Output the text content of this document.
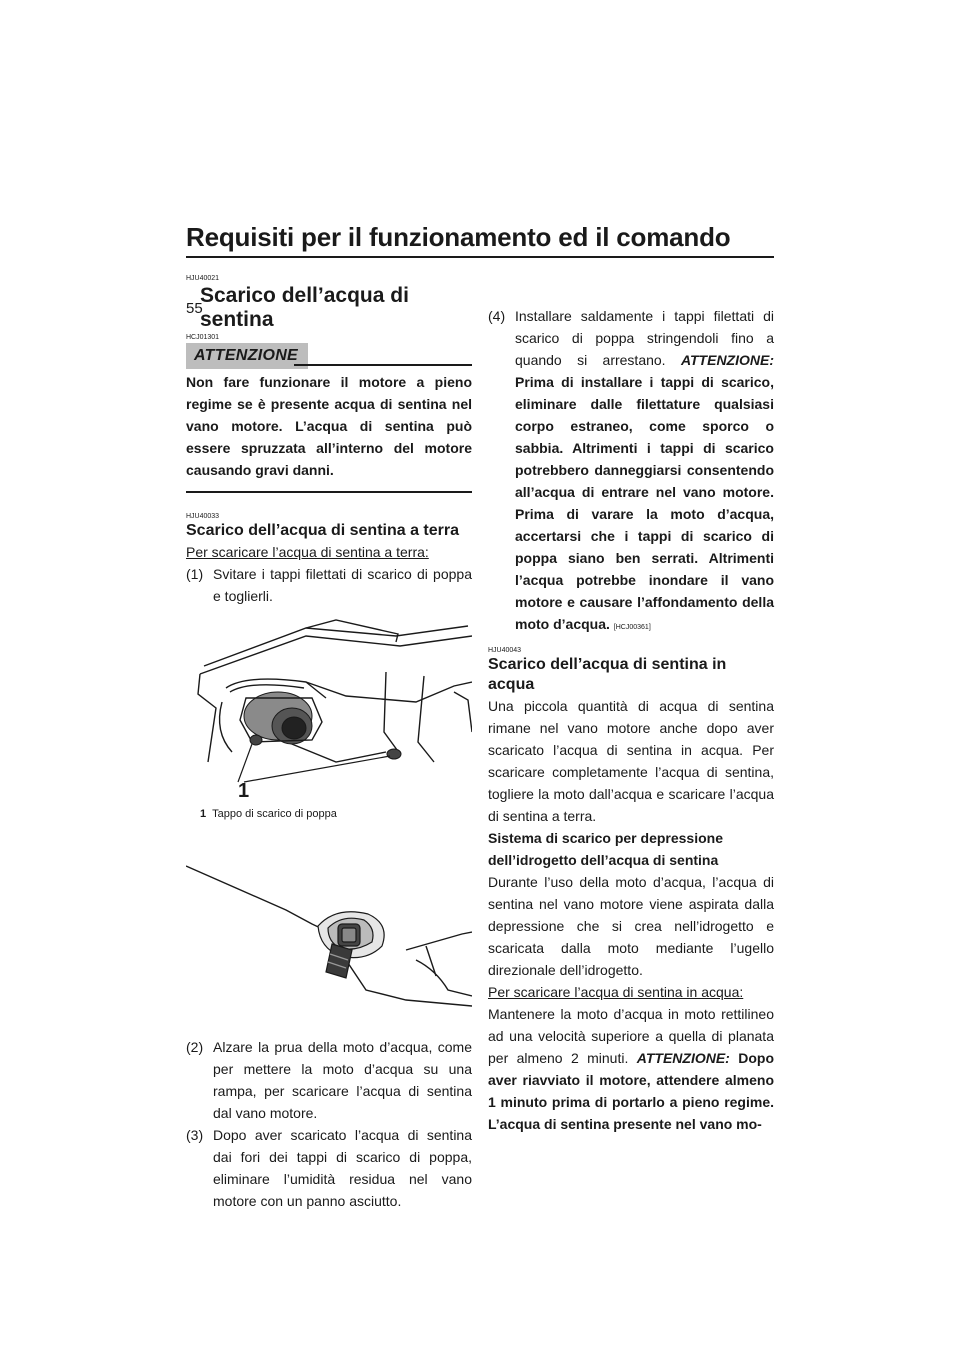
Requisiti per il funzionamento ed il comando
55
HJU40021
Scarico dell’acqua di sentina
HCJ01301
ATTENZIONE

Non fare funzionare il motore a pieno regime se è presente acqua di sentina nel vano motore. L’acqua di sentina può essere spruzzata all’interno del motore causando gravi danni.

HJU40033

Scarico dell’acqua di sentina a terra

Per scaricare l’acqua di sentina a terra:

(1) Svitare i tappi filettati di scarico di poppa e toglierli.

1
1 Tappo di scarico di poppa

(2) Alzare la prua della moto d’acqua, come per mettere la moto d’acqua su una rampa, per scaricare l’acqua di sentina dal vano motore.

(3) Dopo aver scaricato l’acqua di sentina dai fori dei tappi di scarico di poppa, eliminare l’umidità residua nel vano motore con un panno asciutto.

(4) Installare saldamente i tappi filettati di scarico di poppa stringendoli fino a quando si arrestano. ATTENZIONE: Prima di installare i tappi di scarico, eliminare dalle filettature qualsiasi corpo estraneo, come sporco o sabbia. Altrimenti i tappi di scarico potrebbero danneggiarsi consentendo all’acqua di entrare nel vano motore. Prima di varare la moto d’acqua, accertarsi che i tappi di scarico di poppa siano ben serrati. Altrimenti l’acqua potrebbe inondare il vano motore e causare l’affondamento della moto d’acqua. [HCJ00361]

HJU40043

Scarico dell’acqua di sentina in acqua

Una piccola quantità di acqua di sentina rimane nel vano motore anche dopo aver scaricato l’acqua di sentina in acqua. Per scaricare completamente l’acqua di sentina, togliere la moto dall’acqua e scaricare l’acqua di sentina a terra.

Sistema di scarico per depressione dell’idrogetto dell’acqua di sentina

Durante l’uso della moto d’acqua, l’acqua di sentina nel vano motore viene aspirata dalla depressione che si crea nell’idrogetto e scaricata dalla moto mediante l’ugello direzionale dell’idrogetto.

Per scaricare l’acqua di sentina in acqua:

Mantenere la moto d’acqua in moto rettilineo ad una velocità superiore a quella di planata per almeno 2 minuti. ATTENZIONE: Dopo aver riavviato il motore, attendere almeno 1 minuto prima di portarlo a pieno regime. L’acqua di sentina presente nel vano mo-
